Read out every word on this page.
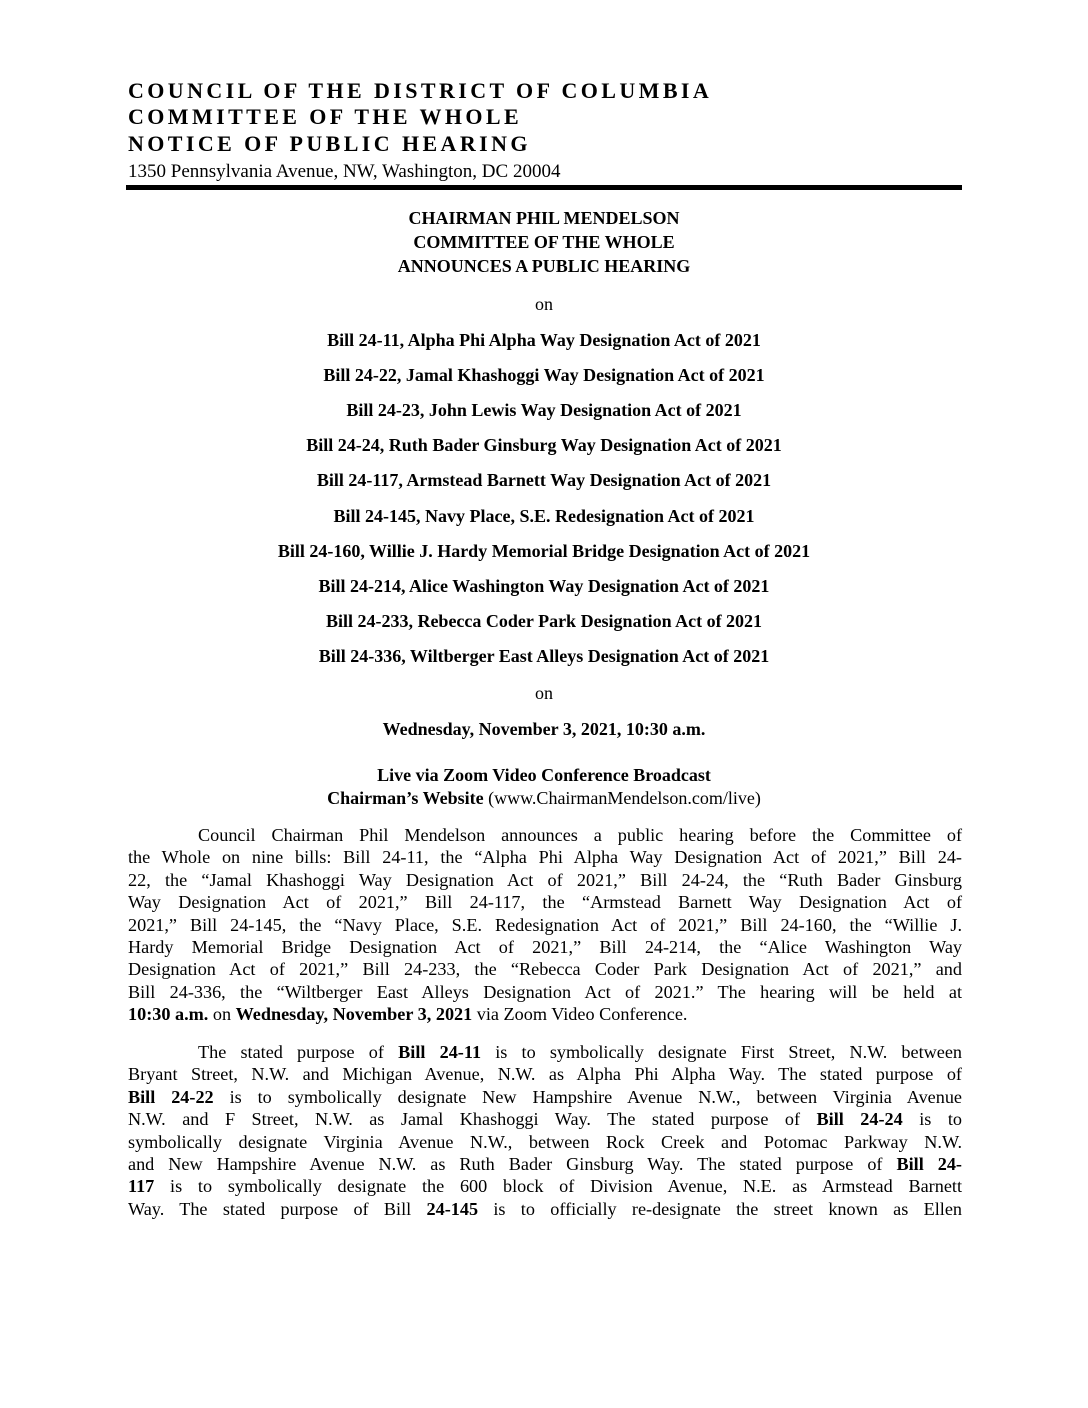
COUNCIL OF THE DISTRICT OF COLUMBIA
COMMITTEE OF THE WHOLE
NOTICE OF PUBLIC HEARING
1350 Pennsylvania Avenue, NW, Washington, DC 20004
CHAIRMAN PHIL MENDELSON
COMMITTEE OF THE WHOLE
ANNOUNCES A PUBLIC HEARING
on
Bill 24-11, Alpha Phi Alpha Way Designation Act of 2021
Bill 24-22, Jamal Khashoggi Way Designation Act of 2021
Bill 24-23, John Lewis Way Designation Act of 2021
Bill 24-24, Ruth Bader Ginsburg Way Designation Act of 2021
Bill 24-117, Armstead Barnett Way Designation Act of 2021
Bill 24-145, Navy Place, S.E. Redesignation Act of 2021
Bill 24-160, Willie J. Hardy Memorial Bridge Designation Act of 2021
Bill 24-214, Alice Washington Way Designation Act of 2021
Bill 24-233, Rebecca Coder Park Designation Act of 2021
Bill 24-336, Wiltberger East Alleys Designation Act of 2021
on
Wednesday, November 3, 2021, 10:30 a.m.
Live via Zoom Video Conference Broadcast
Chairman’s Website (www.ChairmanMendelson.com/live)
Council Chairman Phil Mendelson announces a public hearing before the Committee of
the Whole on nine bills: Bill 24-11, the “Alpha Phi Alpha Way Designation Act of 2021,” Bill 24-
22, the “Jamal Khashoggi Way Designation Act of 2021,” Bill 24-24, the “Ruth Bader Ginsburg
Way Designation Act of 2021,” Bill 24-117, the “Armstead Barnett Way Designation Act of
2021,” Bill 24-145, the “Navy Place, S.E. Redesignation Act of 2021,” Bill 24-160, the “Willie J.
Hardy Memorial Bridge Designation Act of 2021,” Bill 24-214, the “Alice Washington Way
Designation Act of 2021,” Bill 24-233, the “Rebecca Coder Park Designation Act of 2021,” and
Bill 24-336, the “Wiltberger East Alleys Designation Act of 2021.” The hearing will be held at
10:30 a.m. on Wednesday, November 3, 2021 via Zoom Video Conference.
The stated purpose of Bill 24-11 is to symbolically designate First Street, N.W. between
Bryant Street, N.W. and Michigan Avenue, N.W. as Alpha Phi Alpha Way. The stated purpose of
Bill 24-22 is to symbolically designate New Hampshire Avenue N.W., between Virginia Avenue
N.W. and F Street, N.W. as Jamal Khashoggi Way. The stated purpose of Bill 24-24 is to
symbolically designate Virginia Avenue N.W., between Rock Creek and Potomac Parkway N.W.
and New Hampshire Avenue N.W. as Ruth Bader Ginsburg Way. The stated purpose of Bill 24-
117 is to symbolically designate the 600 block of Division Avenue, N.E. as Armstead Barnett
Way. The stated purpose of Bill 24-145 is to officially re-designate the street known as Ellen
